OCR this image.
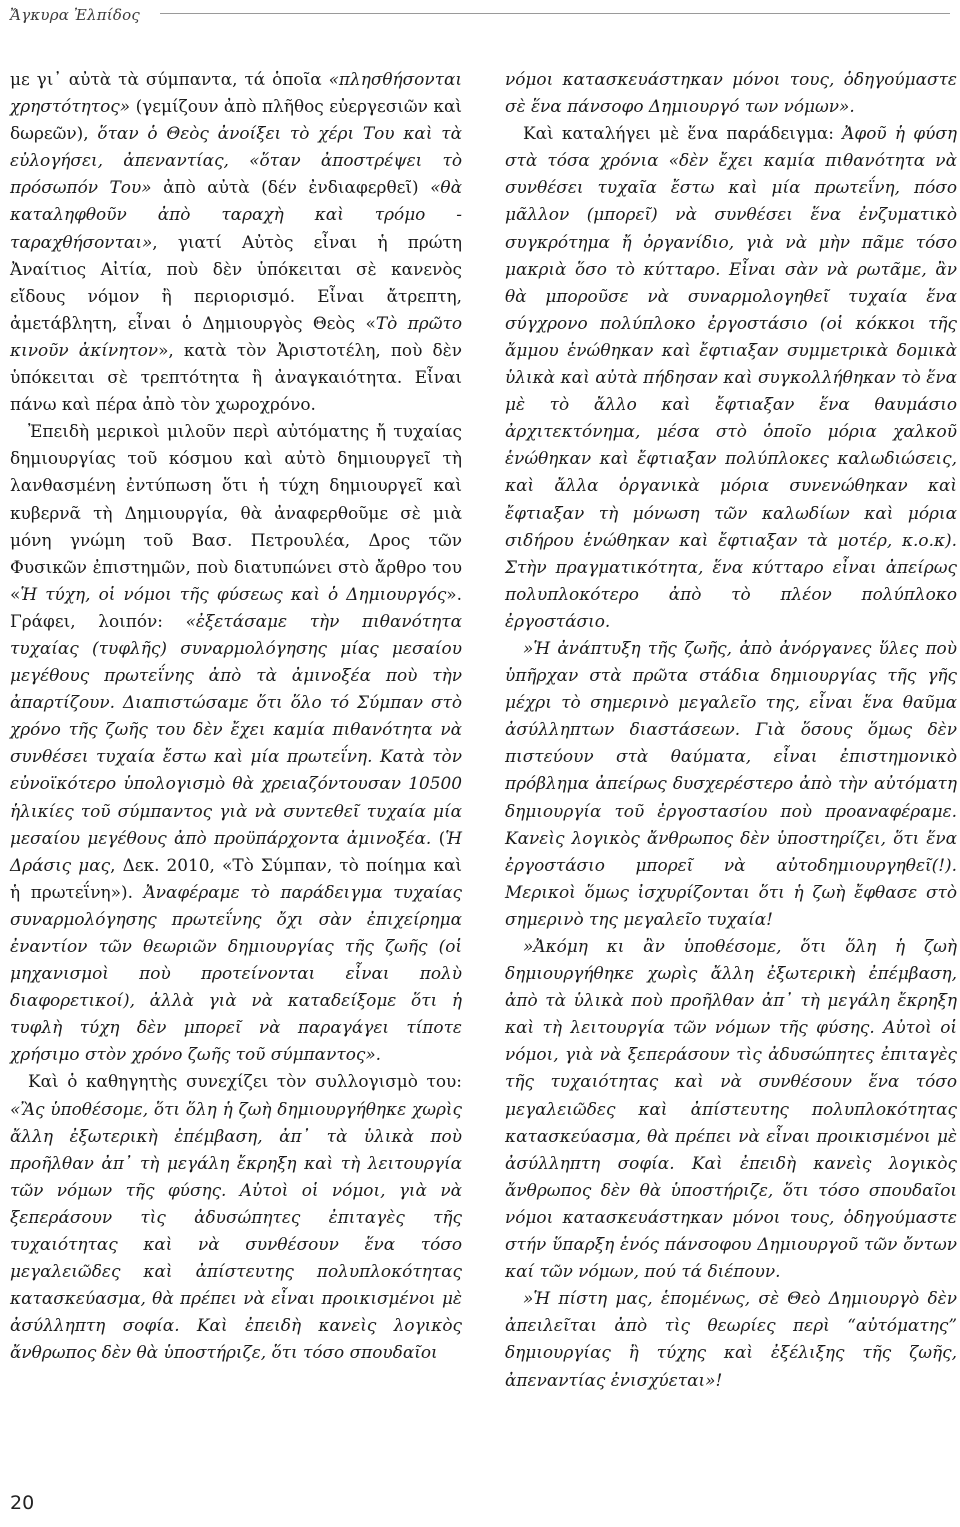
Ἄγκυρα Ἐλπίδος

με γι᾽ αὐτὰ τὰ σύμπαντα, τά ὁποῖα «πλησθήσονται χρηστότητος» (γεμίζουν ἀπὸ πλῆθος εὐεργεσιῶν καὶ δωρεῶν), ὅταν ὁ Θεὸς ἀνοίξει τὸ χέρι Του καὶ τὰ εὐλογήσει, ἀπεναντίας, «ὅταν ἀποστρέψει τὸ πρόσωπόν Του» ἀπὸ αὐτὰ (δέν ἐνδιαφερθεῖ) «θὰ καταληφθοῦν ἀπὸ ταραχὴ καὶ τρόμο - ταραχθήσονται», γιατί Αὐτὸς εἶναι ἡ πρώτη Ἀναίτιος Αἰτία, ποὺ δὲν ὑπόκειται σὲ κανενὸς εἴδους νόμον ἢ περιορισμό. Εἶναι ἄτρεπτη, ἀμετάβλητη, εἶναι ὁ Δημιουργὸς Θεὸς «Τὸ πρῶτο κινοῦν ἀκίνητον», κατὰ τὸν Ἀριστοτέλη, ποὺ δὲν ὑπόκειται σὲ τρεπτότητα ἢ ἀναγκαιότητα. Εἶναι πάνω καὶ πέρα ἀπὸ τὸν χωροχρόνο.

Ἐπειδὴ μερικοὶ μιλοῦν περὶ αὐτόματης ἤ τυχαίας δημιουργίας τοῦ κόσμου καὶ αὐτὸ δημιουργεῖ τὴ λανθασμένη ἐντύπωση ὅτι ἡ τύχη δημιουργεῖ καὶ κυβερνᾶ τὴ Δημιουργία, θὰ ἀναφερθοῦμε σὲ μιὰ μόνη γνώμη τοῦ Βασ. Πετρουλέα, Δρος τῶν Φυσικῶν ἐπιστημῶν, ποὺ διατυπώνει στὸ ἄρθρο του «Ἡ τύχη, οἱ νόμοι τῆς φύσεως καὶ ὁ Δημιουργός». Γράφει, λοιπόν: «ἐξετάσαμε τὴν πιθανότητα τυχαίας (τυφλῆς) συναρμολόγησης μίας μεσαίου μεγέθους πρωτεΐνης ἀπὸ τὰ ἀμινοξέα ποὺ τὴν ἀπαρτίζουν. Διαπιστώσαμε ὅτι ὅλο τό Σύμπαν στὸ χρόνο τῆς ζωῆς του δὲν ἔχει καμία πιθανότητα νὰ συνθέσει τυχαία ἔστω καὶ μία πρωτεΐνη. Κατὰ τὸν εὐνοϊκότερο ὑπολογισμὸ θὰ χρειαζόντουσαν 10500 ἡλικίες τοῦ σύμπαντος γιὰ νὰ συντεθεῖ τυχαία μία μεσαίου μεγέθους ἀπὸ προϋπάρχοντα ἀμινοξέα. (Ἡ Δράσις μας, Δεκ. 2010, «Τὸ Σύμπαν, τὸ ποίημα καὶ ἡ πρωτεΐνη»). Ἀναφέραμε τὸ παράδειγμα τυχαίας συναρμολόγησης πρωτεΐνης ὄχι σὰν ἐπιχείρημα ἐναντίον τῶν θεωριῶν δημιουργίας τῆς ζωῆς (οἱ μηχανισμοὶ ποὺ προτείνονται εἶναι πολὺ διαφορετικοί), ἀλλὰ γιὰ νὰ καταδείξομε ὅτι ἡ τυφλὴ τύχη δὲν μπορεῖ νὰ παραγάγει τίποτε χρήσιμο στὸν χρόνο ζωῆς τοῦ σύμπαντος».

Καὶ ὁ καθηγητὴς συνεχίζει τὸν συλλογισμὸ του: «Ἂς ὑποθέσομε, ὅτι ὅλη ἡ ζωὴ δημιουργήθηκε χωρὶς ἄλλη ἐξωτερικὴ ἐπέμβαση, ἀπ᾽ τὰ ὑλικὰ ποὺ προῆλθαν ἀπ᾽ τὴ μεγάλη ἔκρηξη καὶ τὴ λειτουργία τῶν νόμων τῆς φύσης. Αὐτοὶ οἱ νόμοι, γιὰ νὰ ξεπεράσουν τὶς ἀδυσώπητες ἐπιταγὲς τῆς τυχαιότητας καὶ νὰ συνθέσουν ἕνα τόσο μεγαλειῶδες καὶ ἀπίστευτης πολυπλοκότητας κατασκεύασμα, θὰ πρέπει νὰ εἶναι προικισμένοι μὲ ἀσύλληπτη σοφία. Καὶ ἐπειδὴ κανεὶς λογικὸς ἄνθρωπος δὲν θὰ ὑποστήριζε, ὅτι τόσο σπουδαῖοι

νόμοι κατασκευάστηκαν μόνοι τους, ὁδηγούμαστε σὲ ἕνα πάνσοφο Δημιουργό των νόμων».

Καὶ καταλήγει μὲ ἕνα παράδειγμα: Ἀφοῦ ἡ φύση στὰ τόσα χρόνια «δὲν ἔχει καμία πιθανότητα νὰ συνθέσει τυχαῖα ἔστω καὶ μία πρωτεΐνη, πόσο μᾶλλον (μπορεῖ) νὰ συνθέσει ἕνα ἐνζυματικὸ συγκρότημα ἤ ὀργανίδιο, γιὰ νὰ μὴν πᾶμε τόσο μακριὰ ὅσο τὸ κύτταρο. Εἶναι σὰν νὰ ρωτᾶμε, ἂν θὰ μποροῦσε νὰ συναρμολογηθεῖ τυχαία ἕνα σύγχρονο πολύπλοκο ἐργοστάσιο (οἱ κόκκοι τῆς ἄμμου ἑνώθηκαν καὶ ἔφτιαξαν συμμετρικὰ δομικὰ ὑλικὰ καὶ αὐτὰ πήδησαν καὶ συγκολλήθηκαν τὸ ἕνα μὲ τὸ ἄλλο καὶ ἔφτιαξαν ἕνα θαυμάσιο ἀρχιτεκτόνημα, μέσα στὸ ὁποῖο μόρια χαλκοῦ ἑνώθηκαν καὶ ἔφτιαξαν πολύπλοκες καλωδιώσεις, καὶ ἄλλα ὀργανικὰ μόρια συνενώθηκαν καὶ ἔφτιαξαν τὴ μόνωση τῶν καλωδίων καὶ μόρια σιδήρου ἑνώθηκαν καὶ ἔφτιαξαν τὰ μοτέρ, κ.ο.κ). Στὴν πραγματικότητα, ἕνα κύτταρο εἶναι ἀπείρως πολυπλοκότερο ἀπὸ τὸ πλέον πολύπλοκο ἐργοστάσιο.

»Ἡ ἀνάπτυξη τῆς ζωῆς, ἀπὸ ἀνόργανες ὕλες ποὺ ὑπῆρχαν στὰ πρῶτα στάδια δημιουργίας τῆς γῆς μέχρι τὸ σημερινὸ μεγαλεῖο της, εἶναι ἕνα θαῦμα ἀσύλληπτων διαστάσεων. Γιὰ ὅσους ὅμως δὲν πιστεύουν στὰ θαύματα, εἶναι ἐπιστημονικὸ πρόβλημα ἀπείρως δυσχερέστερο ἀπὸ τὴν αὐτόματη δημιουργία τοῦ ἐργοστασίου ποὺ προαναφέραμε. Κανεὶς λογικὸς ἄνθρωπος δὲν ὑποστηρίζει, ὅτι ἕνα ἐργοστάσιο μπορεῖ νὰ αὐτοδημιουργηθεῖ(!). Μερικοὶ ὅμως ἰσχυρίζονται ὅτι ἡ ζωὴ ἔφθασε στὸ σημερινὸ της μεγαλεῖο τυχαία!

»Ἀκόμη κι ἂν ὑποθέσομε, ὅτι ὅλη ἡ ζωὴ δημιουργήθηκε χωρὶς ἄλλη ἐξωτερικὴ ἐπέμβαση, ἀπὸ τὰ ὑλικὰ ποὺ προῆλθαν ἀπ᾽ τὴ μεγάλη ἔκρηξη καὶ τὴ λειτουργία τῶν νόμων τῆς φύσης. Αὐτοὶ οἱ νόμοι, γιὰ νὰ ξεπεράσουν τὶς ἀδυσώπητες ἐπιταγὲς τῆς τυχαιότητας καὶ νὰ συνθέσουν ἕνα τόσο μεγαλειῶδες καὶ ἀπίστευτης πολυπλοκότητας κατασκεύασμα, θὰ πρέπει νὰ εἶναι προικισμένοι μὲ ἀσύλληπτη σοφία. Καὶ ἐπειδὴ κανεὶς λογικὸς ἄνθρωπος δὲν θὰ ὑποστήριζε, ὅτι τόσο σπουδαῖοι νόμοι κατασκευάστηκαν μόνοι τους, ὁδηγούμαστε στήν ὕπαρξη ἑνός πάνσοφου Δημιουργοῦ τῶν ὄντων καί τῶν νόμων, πού τά διέπουν.

»Ἡ πίστη μας, ἑπομένως, σὲ Θεὸ Δημιουργὸ δὲν ἀπειλεῖται ἀπὸ τὶς θεωρίες περὶ “αὐτόματης” δημιουργίας ἢ τύχης καὶ ἐξέλιξης τῆς ζωῆς, ἀπεναντίας ἐνισχύεται»!

20
